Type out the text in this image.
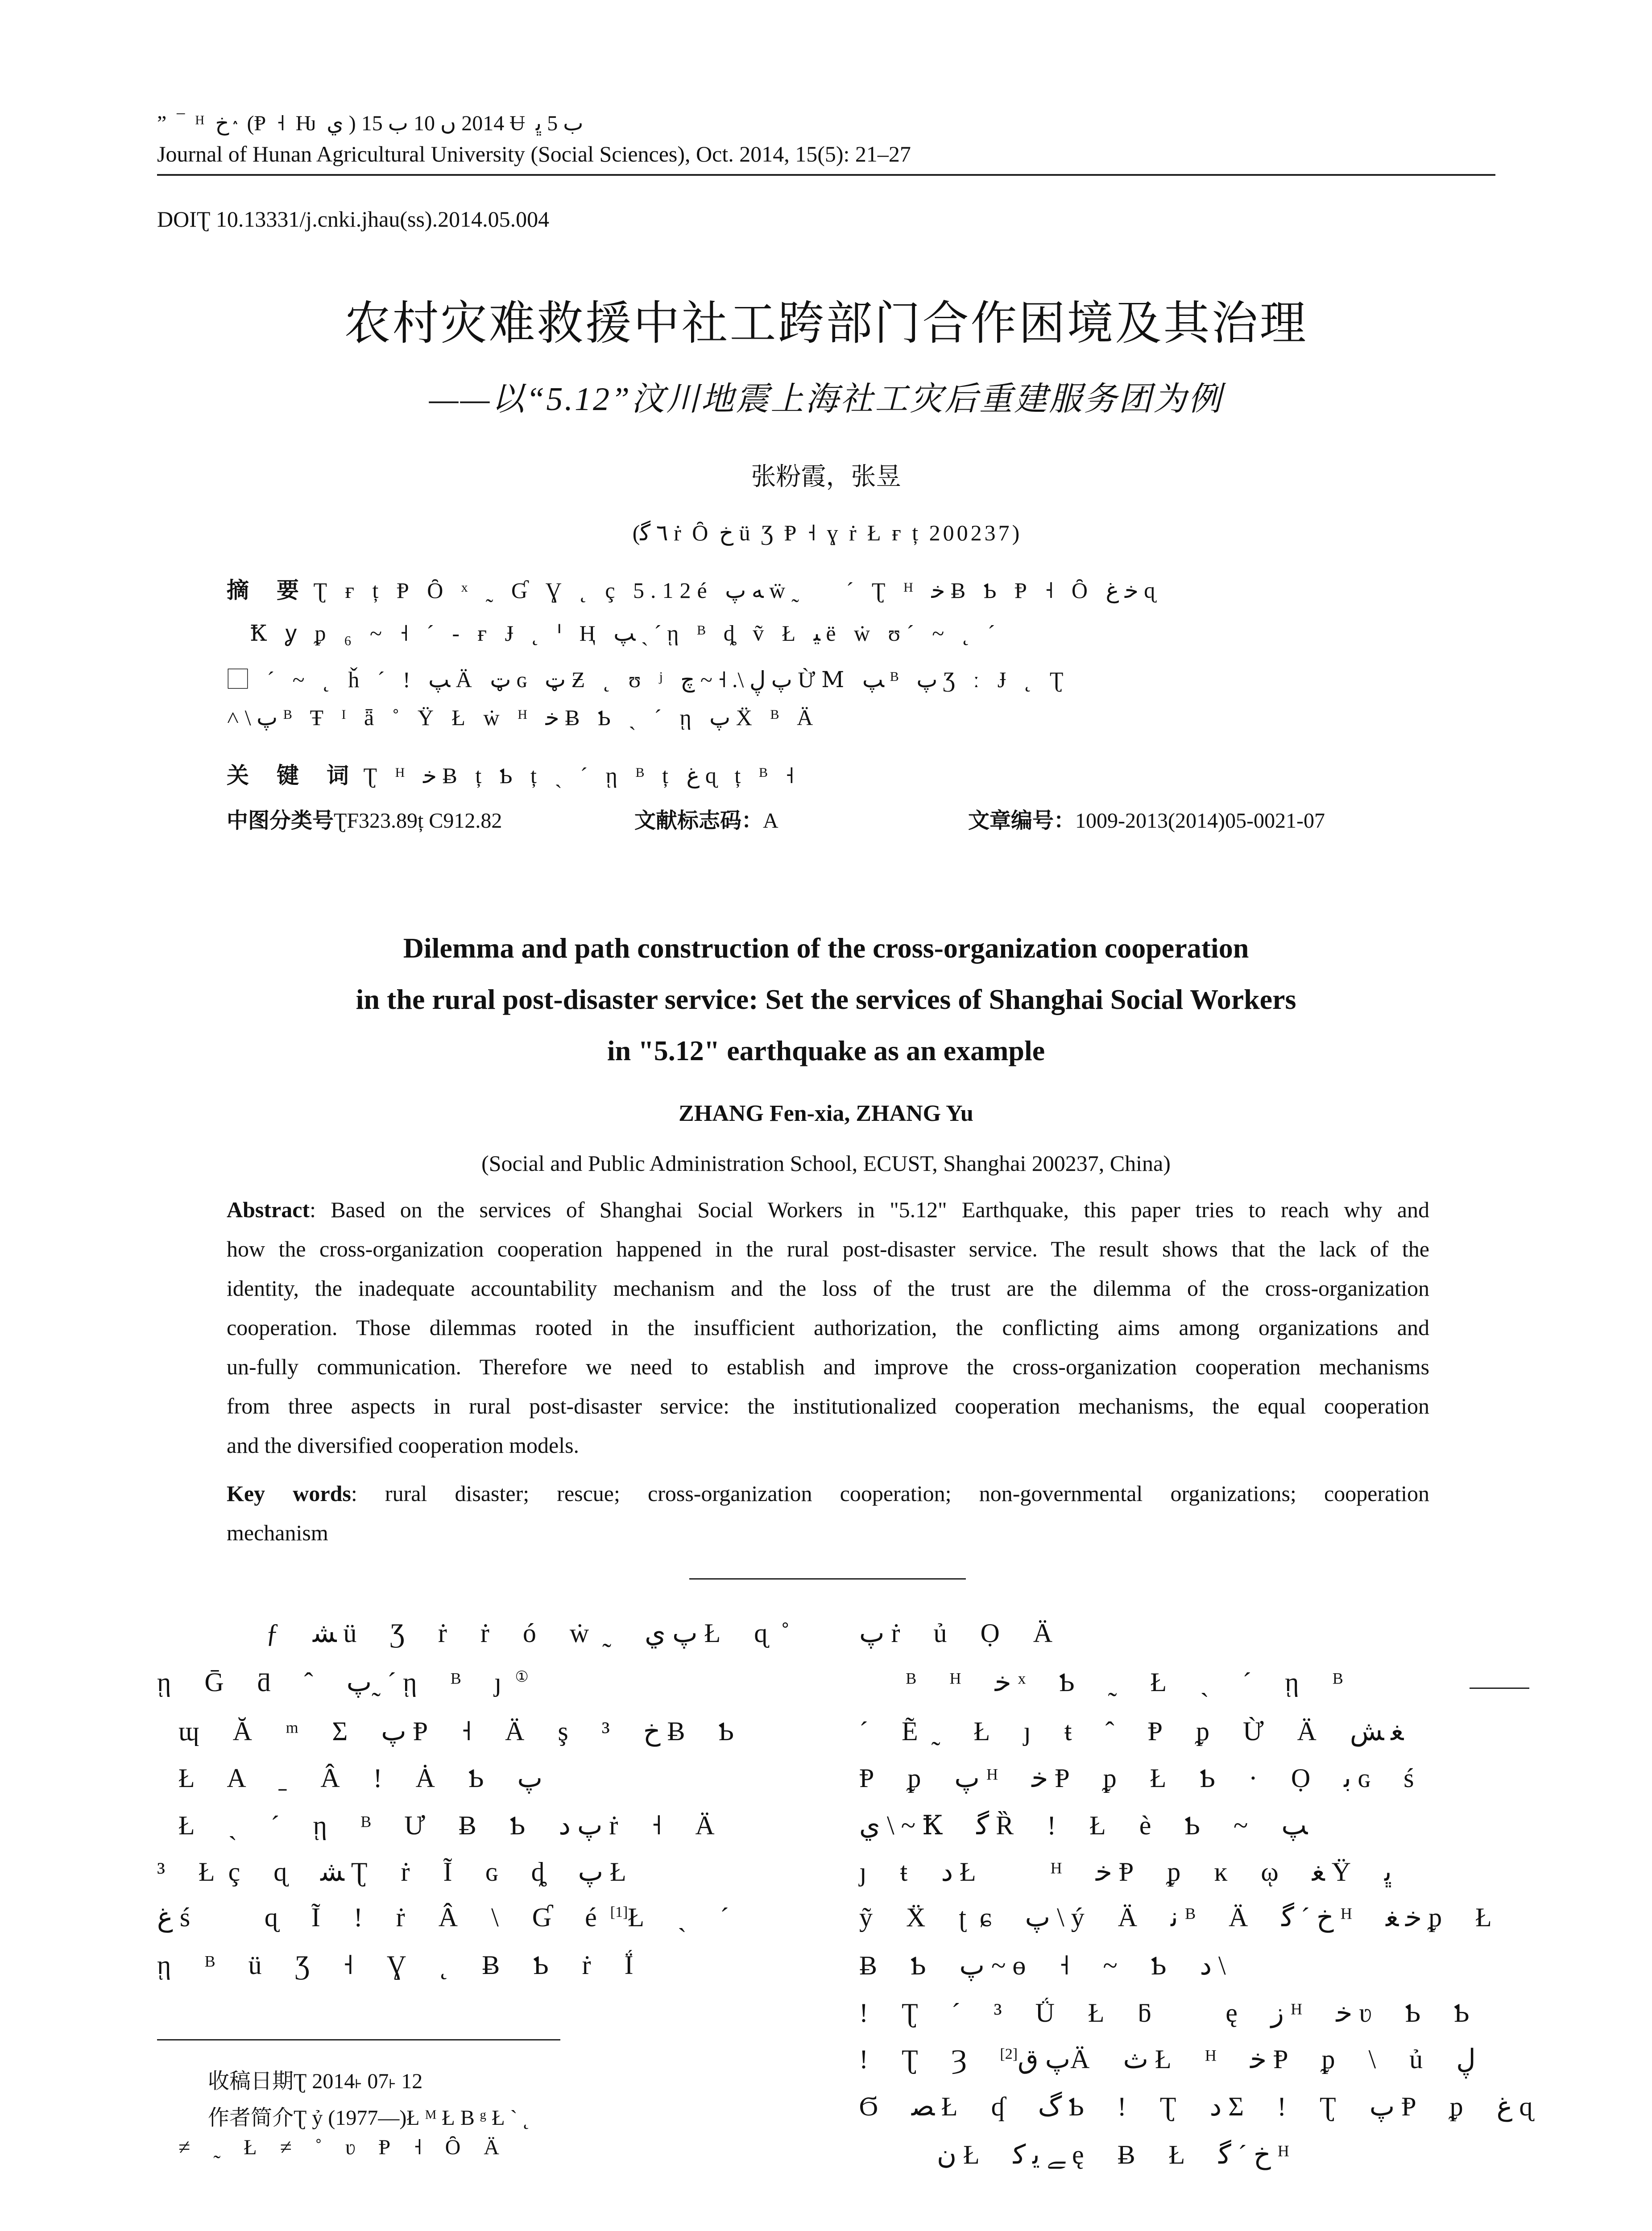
” ‾ ᴴ ﺥ ٛ (Ᵽ ˧ Ƕ ي ) 2014 ں 10 ﺏ 15 Ʉ ﺏ 5 ﭜ
Journal of Hunan Agricultural University (Social Sciences), Oct. 2014, 15(5): 21–27
DOIƮ 10.13331/j.cnki.jhau(ss).2014.05.004
农村灾难救援中社工跨部门合作困境及其治理
——以“5.12”汶川地震上海社工灾后重建服务团为例
张粉霞，张昱
(٦ ﮔ ṙ Ȏ ﺥ ü Ʒ Ᵽ ˧ ɣ ṙ Ł ғ ț 200237)
摘　要 Ʈ ғ ț Ᵽ Ȏ ˣ ˷ Ɠ Ɣ ˛ ç 5.12é ﻪ ﭖ ẅ˷ ⃞ ˊ Ʈ ᴴ ﺧ Ƀ Ƅ Ᵽ ˧ Ȏ ﺧ ﻍ ɋ
Ꝁ ỿ ᵱ ₆ ~ ˧ ˊ - ғ Ɉ ˛ ᑊ Ⱨ ﭗ ˏ ˊ ῃ ᴮ ȡ ṽ Ł ﻴ ë ẇ ʊˊ ~ ˛ ˊ
⃞ ˊ ~ ˛ ȟ ˊ ǃ ﭗ Ä ټ ɢ ټ Ƶ ˛ ʊ ʲ ﭖ ڸ \. ˧ ~ چ ỪⅯ ﭗ ᴮ ﭖ Ʒ ː Ɉ ˛ Ʈ
˄ \ ﭖ ᴮ Ŧ ᴵ ǟ ˚ Ÿ Ł ẇ ᴴ ﺧ Ƀ Ƅ ˏ ˊ ῃ ﭖ Ẍ ᴮ Ä
关　键　词 Ʈ ᴴ ﺧ Ƀ ț Ƅ ț ˏ ˊ ῃ ᴮ ț ﻍ ɋ ț ᴮ ˧
中图分类号ƮF323.89ț C912.82	文献标志码：A	文章编号：1009-2013(2014)05-0021-07
Dilemma and path construction of the cross-organization cooperation
in the rural post-disaster service: Set the services of Shanghai Social Workers
in "5.12" earthquake as an example
ZHANG Fen-xia, ZHANG Yu
(Social and Public Administration School, ECUST, Shanghai 200237, China)
Abstract: Based on the services of Shanghai Social Workers in "5.12" Earthquake, this paper tries to reach why and
how the cross-organization cooperation happened in the rural post-disaster service. The result shows that the lack of the
identity, the inadequate accountability mechanism and the loss of the trust are the dilemma of the cross-organization
cooperation. Those dilemmas rooted in the insufficient authorization, the conflicting aims among organizations and
un-fully communication. Therefore we need to establish and improve the cross-organization cooperation mechanisms
from three aspects in rural post-disaster service: the institutionalized cooperation mechanisms, the equal cooperation
and the diversified cooperation models.
Key words: rural disaster; rescue; cross-organization cooperation; non-governmental organizations; cooperation
mechanism
ƒ ﺸ ü Ʒ ṙ ṙ ó ẇ˷ ﭖ ي Ł ɋ˚
ῃ Ḡ ƌ ˆ ﭖ˷ ˊ ῃ ᴮ ȷ①
ɰ Ă ᵐ Σ ﭖ Ᵽ ˧ Ä ş ³ ﺥ Ƀ Ƅ
Ł A ˍ Â ǃ Ȧ Ƅ ﭖ
Ł ˏ ˊ ῃ ᴮ Ư Ƀ Ƅ ﭖ ﺩ ṙ ˧ Ä
³ Łç ɋ ﺸ Ʈ ṙ Ĩ ɢ ȡ ﭖ Ł
ﻍ ś ⃞ ɋ Ĩ ǃ ṙ Â \ Ɠ é[1]Ł ˏ ˊ
ῃ ᴮ ü Ʒ ˧ Ɣ ˛ Ƀ Ƅ ṙ Ḯ
ﭖ ṙ ủ Ọ Ä
ᴮ ᴴ ﺧ ˣ Ƅ ˷ Ł ˏ ˊ ῃ ᴮ
ˊ Ẽ˷ Ł ȷ ŧ ˆ Ᵽ ᵱ Ừ Ä ﻐ ﺶ
Ᵽ ᵱ ﭖ ᴴ ﺧ Ᵽ ᵱ Ł Ƅ · Ọ ﺑ ɢ ś
ي \ ~ Ꝁ ﮔ Ȑ ǃ Ł è Ƅ ~ ﭗ
ȷ ŧ ﺩ Ł ⃞ ᴴ ﺧ Ᵽ ᵱ ĸ ῳ ﻐ Ÿ ﭜ ⃞
ỹ Ẍ ʈɕ ﭖ \ ý Ä ﻧ ᴮ Ä ﺥ ˊ ﮔ ᴴ ﺧ ﻐ ᵱ Ł
Ƀ Ƅ ﭖ ~ ɵ ˧ ~ Ƅ ﺩ \
ǃ Ʈ ˊ ³ Ǘ Ł ƃ ⃞ ę ﺯ ᴴ ﺧ ʋ Ƅ Ƅ
ǃ Ʈ Ȝ ﭖ ﻕ[2] Ä ث Ł ᴴ ﺧ Ᵽ ᵱ \ ủ ڸ ⃞
Ϭ ﺼ Ł ʠ ﮒ Ƅ ǃ Ʈ ﺩ Σ ǃ Ʈ ﭖ Ᵽ ᵱ ﻍ ɋ
ﻥ Ł ﮯ ﻳ ﮐ ę Ƀ Ł ﺥ ˊ ﮔ ᴴ
收稿日期Ʈ 2014˫ 07˫ 12
作者简介Ʈ ỷ (1977—)Ł ᴹ Ł B ᵍ Ł ˋ ˛
≠ ˷ Ł ≠ ˚ ʋ Ᵽ ˧ Ȏ Ä
